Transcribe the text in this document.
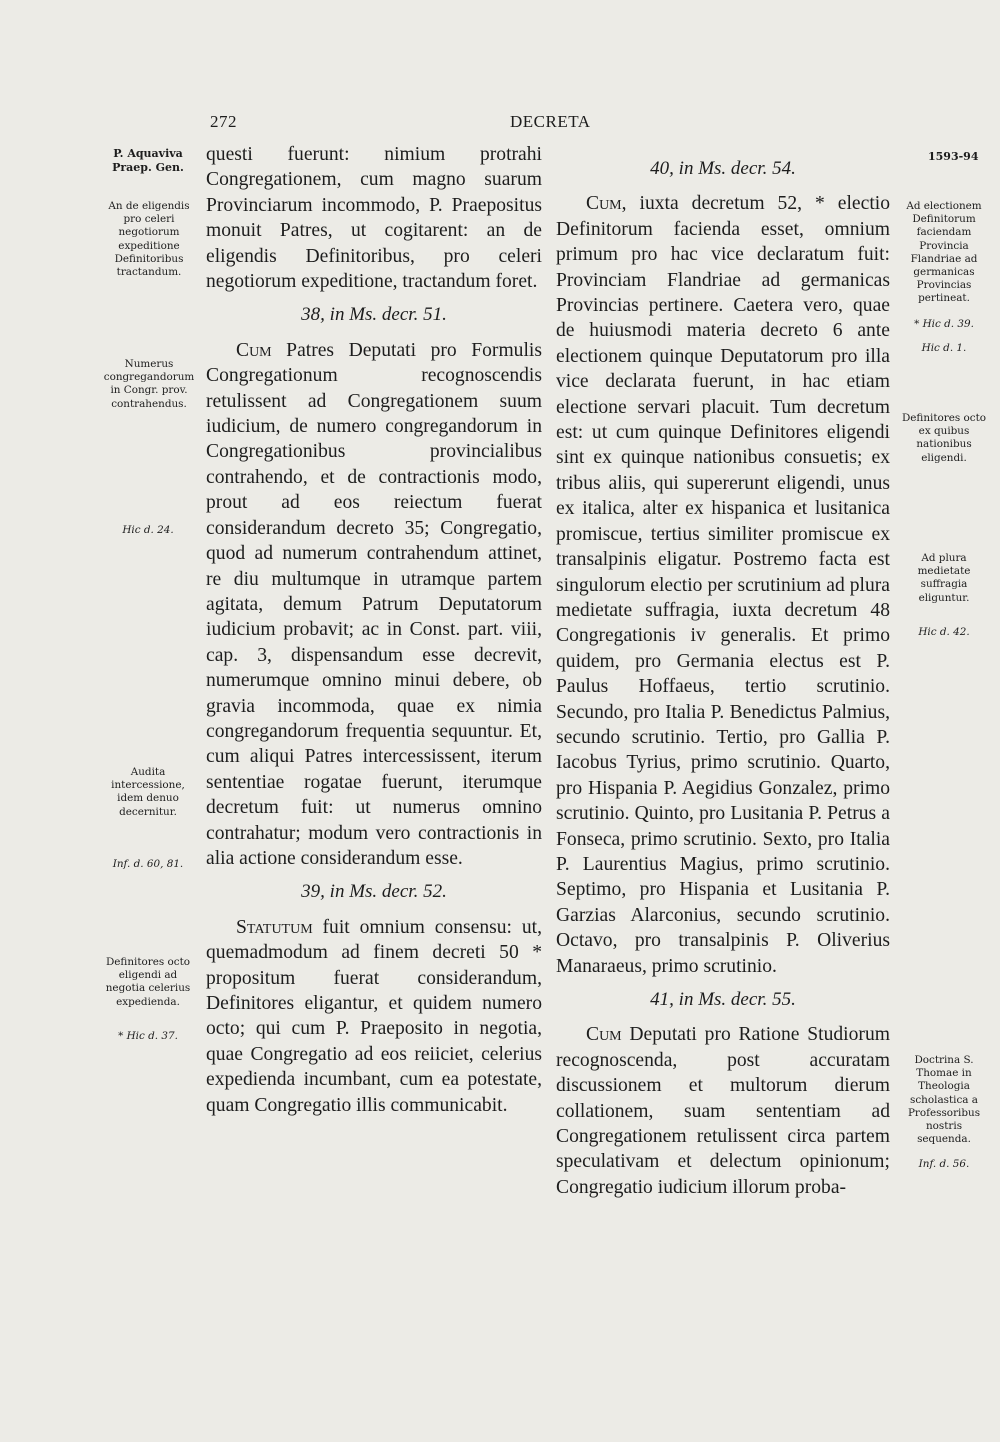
272	DECRETA
1593-94
P. Aquaviva Praep. Gen.
An de eligendis pro celeri negotiorum expeditione Definitoribus tractandum.
Numerus congregandorum in Congr. prov. contrahendus.
Hic d. 24.
Audita intercessione, idem denuo decernitur.
Inf. d. 60, 81.
Definitores octo eligendi ad negotia celerius expedienda.
* Hic d. 37.
Ad electionem Definitorum faciendam Provincia Flandriae ad germanicas Provincias pertineat.
* Hic d. 39.
Hic d. 1.
Definitores octo ex quibus nationibus eligendi.
Ad plura medietate suffragia eliguntur.
Hic d. 42.
Doctrina S. Thomae in Theologia scholastica a Professoribus nostris sequenda.
Inf. d. 56.

questi fuerunt: nimium protrahi Congregationem, cum magno suarum Provinciarum incommodo, P. Praepositus monuit Patres, ut cogitarent: an de eligendis Definitoribus, pro celeri negotiorum expeditione, tractandum foret.

38, in Ms. decr. 51.

Cum Patres Deputati pro Formulis Congregationum recognoscendis retulissent ad Congregationem suum iudicium, de numero congregandorum in Congregationibus provincialibus contrahendo, et de contractionis modo, prout ad eos reiectum fuerat considerandum decreto 35; Congregatio, quod ad numerum contrahendum attinet, re diu multumque in utramque partem agitata, demum Patrum Deputatorum iudicium probavit; ac in Const. part. viii, cap. 3, dispensandum esse decrevit, numerumque omnino minui debere, ob gravia incommoda, quae ex nimia congregandorum frequentia sequuntur. Et, cum aliqui Patres intercessissent, iterum sententiae rogatae fuerunt, iterumque decretum fuit: ut numerus omnino contrahatur; modum vero contractionis in alia actione considerandum esse.

39, in Ms. decr. 52.

Statutum fuit omnium consensu: ut, quemadmodum ad finem decreti 50 * propositum fuerat considerandum, Definitores eligantur, et quidem numero octo; qui cum P. Praeposito in negotia, quae Congregatio ad eos reiiciet, celerius expedienda incumbant, cum ea potestate, quam Congregatio illis communicabit.

40, in Ms. decr. 54.

Cum, iuxta decretum 52, * electio Definitorum facienda esset, omnium primum pro hac vice declaratum fuit: Provinciam Flandriae ad germanicas Provincias pertinere. Caetera vero, quae de huiusmodi materia decreto 6 ante electionem quinque Deputatorum pro illa vice declarata fuerunt, in hac etiam electione servari placuit. Tum decretum est: ut cum quinque Definitores eligendi sint ex quinque nationibus consuetis; ex tribus aliis, qui supererunt eligendi, unus ex italica, alter ex hispanica et lusitanica promiscue, tertius similiter promiscue ex transalpinis eligatur. Postremo facta est singulorum electio per scrutinium ad plura medietate suffragia, iuxta decretum 48 Congregationis iv generalis. Et primo quidem, pro Germania electus est P. Paulus Hoffaeus, tertio scrutinio. Secundo, pro Italia P. Benedictus Palmius, secundo scrutinio. Tertio, pro Gallia P. Iacobus Tyrius, primo scrutinio. Quarto, pro Hispania P. Aegidius Gonzalez, primo scrutinio. Quinto, pro Lusitania P. Petrus a Fonseca, primo scrutinio. Sexto, pro Italia P. Laurentius Magius, primo scrutinio. Septimo, pro Hispania et Lusitania P. Garzias Alarconius, secundo scrutinio. Octavo, pro transalpinis P. Oliverius Manaraeus, primo scrutinio.

41, in Ms. decr. 55.

Cum Deputati pro Ratione Studiorum recognoscenda, post accuratam discussionem et multorum dierum collationem, suam sententiam ad Congregationem retulissent circa partem speculativam et delectum opinionum; Congregatio iudicium illorum proba-
